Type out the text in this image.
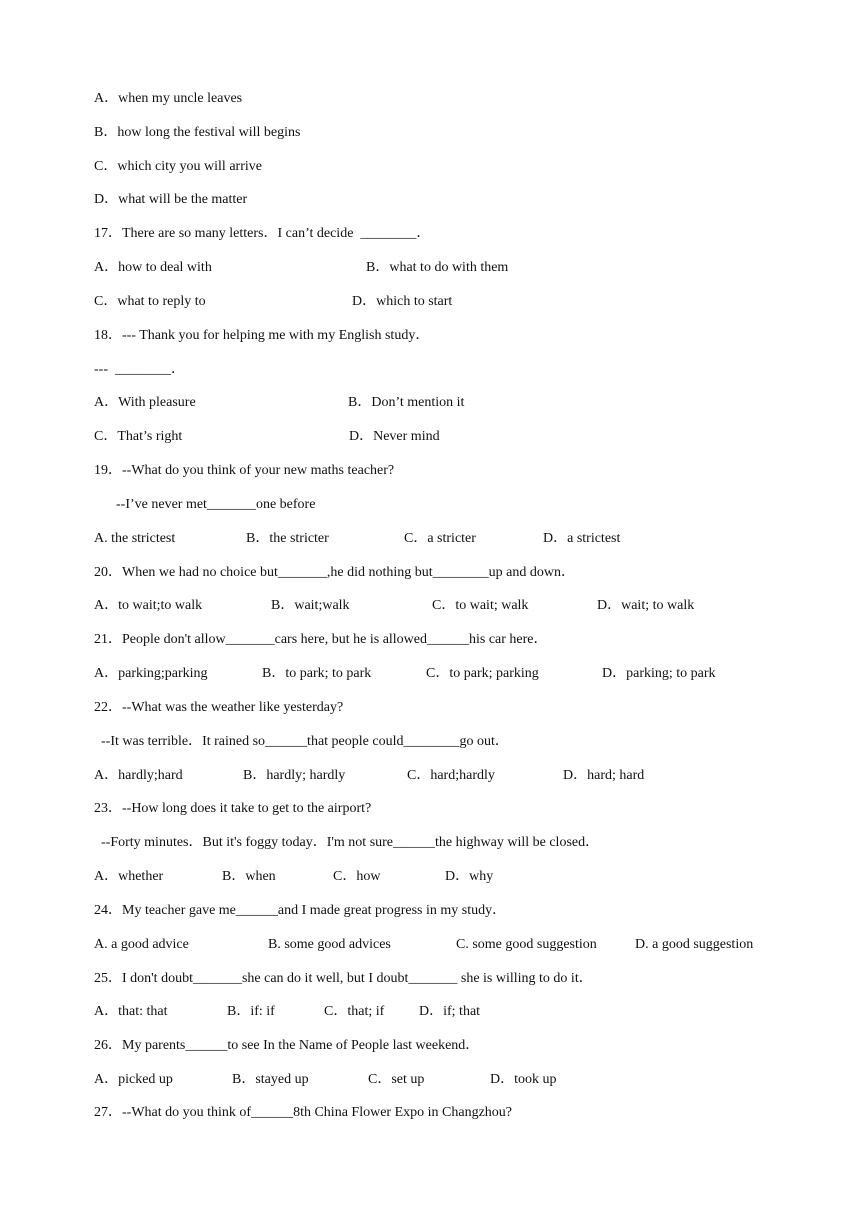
A．when my uncle leaves
B．how long the festival will begins
C．which city you will arrive
D．what will be the matter
17．There are so many letters．I can’t decide  ________．
A．how to deal with	B．what to do with them
C．what to reply to	D．which to start
18．--- Thank you for helping me with my English study．
---  ________．
A．With pleasure	B．Don’t mention it
C．That’s right	D．Never mind
19．--What do you think of your new maths teacher?
--I’ve never met_______one before
A. the strictest	B．the stricter	C．a stricter	D．a strictest
20．When we had no choice but_______,he did nothing but________up and down．
A．to wait;to walk	B．wait;walk	C．to wait; walk	D．wait; to walk
21．People don't allow_______cars here, but he is allowed______his car here．
A．parking;parking	B．to park; to park	C．to park; parking	D．parking; to park
22．--What was the weather like yesterday?
--It was terrible．It rained so______that people could________go out．
A．hardly;hard	B．hardly; hardly	C．hard;hardly	D．hard; hard
23．--How long does it take to get to the airport?
--Forty minutes．But it's foggy today．I'm not sure______the highway will be closed．
A．whether	B．when	C．how	D．why
24．My teacher gave me______and I made great progress in my study．
A. a good advice	B. some good advices	C. some good suggestion	D. a good suggestion
25．I don't doubt_______she can do it well, but I doubt_______ she is willing to do it．
A．that: that	B．if: if	C．that; if D．if; that
26．My parents______to see In the Name of People last weekend．
A．picked up	B．stayed up	C．set up	D．took up
27．--What do you think of______8th China Flower Expo in Changzhou?
